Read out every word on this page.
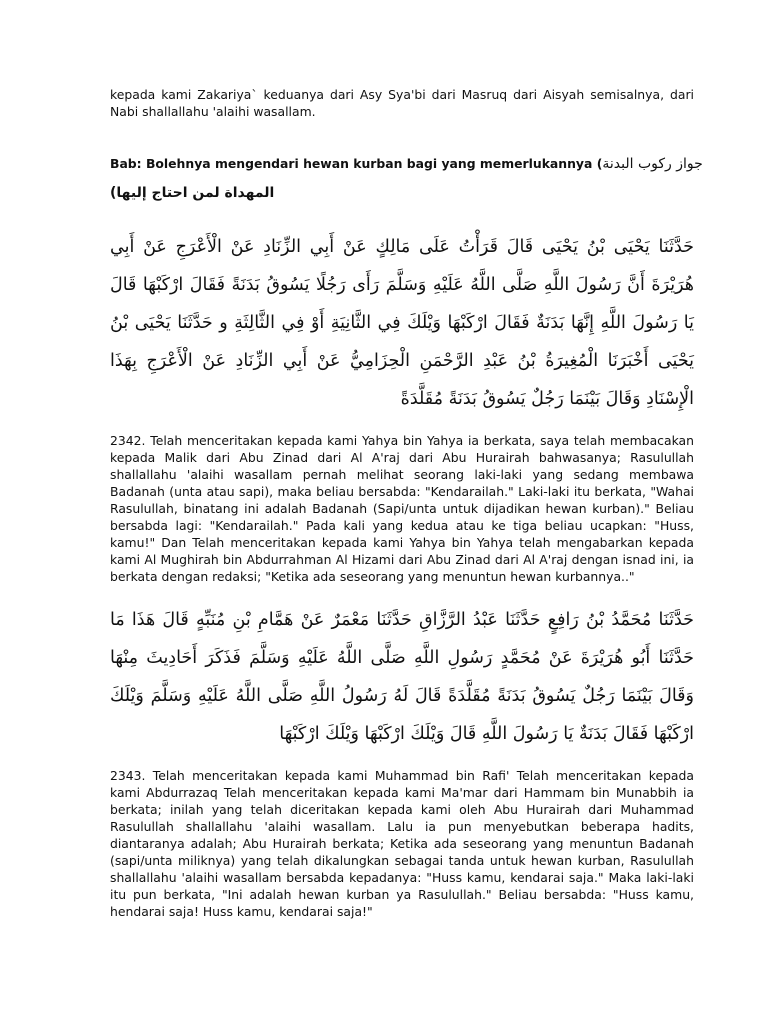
kepada kami Zakariya` keduanya dari Asy Sya'bi dari Masruq dari Aisyah semisalnya, dari Nabi shallallahu 'alaihi wasallam.

Bab: Bolehnya mengendari hewan kurban bagi yang memerlukannya (جواز ركوب البدنة

المهداة لمن احتاج إليها)

حَدَّثَنَا يَحْيَى بْنُ يَحْيَى قَالَ قَرَأْتُ عَلَى مَالِكٍ عَنْ أَبِي الزِّنَادِ عَنْ الْأَعْرَجِ عَنْ أَبِي هُرَيْرَةَ أَنَّ رَسُولَ اللَّهِ صَلَّى اللَّهُ عَلَيْهِ وَسَلَّمَ رَأَى رَجُلًا يَسُوقُ بَدَنَةً فَقَالَ ارْكَبْهَا قَالَ يَا رَسُولَ اللَّهِ إِنَّهَا بَدَنَةٌ فَقَالَ ارْكَبْهَا وَيْلَكَ فِي الثَّانِيَةِ أَوْ فِي الثَّالِثَةِ و حَدَّثَنَا يَحْيَى بْنُ يَحْيَى أَخْبَرَنَا الْمُغِيرَةُ بْنُ عَبْدِ الرَّحْمَنِ الْحِزَامِيُّ عَنْ أَبِي الزِّنَادِ عَنْ الْأَعْرَجِ بِهَذَا الْإِسْنَادِ وَقَالَ بَيْنَمَا رَجُلٌ يَسُوقُ بَدَنَةً مُقَلَّدَةً

2342. Telah menceritakan kepada kami Yahya bin Yahya ia berkata, saya telah membacakan kepada Malik dari Abu Zinad dari Al A'raj dari Abu Hurairah bahwasanya; Rasulullah shallallahu 'alaihi wasallam pernah melihat seorang laki-laki yang sedang membawa Badanah (unta atau sapi), maka beliau bersabda: "Kendarailah." Laki-laki itu berkata, "Wahai Rasulullah, binatang ini adalah Badanah (Sapi/unta untuk dijadikan hewan kurban)." Beliau bersabda lagi: "Kendarailah." Pada kali yang kedua atau ke tiga beliau ucapkan: "Huss, kamu!" Dan Telah menceritakan kepada kami Yahya bin Yahya telah mengabarkan kepada kami Al Mughirah bin Abdurrahman Al Hizami dari Abu Zinad dari Al A'raj dengan isnad ini, ia berkata dengan redaksi; "Ketika ada seseorang yang menuntun hewan kurbannya.."

حَدَّثَنَا مُحَمَّدُ بْنُ رَافِعٍ حَدَّثَنَا عَبْدُ الرَّزَّاقِ حَدَّثَنَا مَعْمَرٌ عَنْ هَمَّامِ بْنِ مُنَبِّهٍ قَالَ هَذَا مَا حَدَّثَنَا أَبُو هُرَيْرَةَ عَنْ مُحَمَّدٍ رَسُولِ اللَّهِ صَلَّى اللَّهُ عَلَيْهِ وَسَلَّمَ فَذَكَرَ أَحَادِيثَ مِنْهَا وَقَالَ بَيْنَمَا رَجُلٌ يَسُوقُ بَدَنَةً مُقَلَّدَةً قَالَ لَهُ رَسُولُ اللَّهِ صَلَّى اللَّهُ عَلَيْهِ وَسَلَّمَ وَيْلَكَ ارْكَبْهَا فَقَالَ بَدَنَةٌ يَا رَسُولَ اللَّهِ قَالَ وَيْلَكَ ارْكَبْهَا وَيْلَكَ ارْكَبْهَا

2343. Telah menceritakan kepada kami Muhammad bin Rafi' Telah menceritakan kepada kami Abdurrazaq Telah menceritakan kepada kami Ma'mar dari Hammam bin Munabbih ia berkata; inilah yang telah diceritakan kepada kami oleh Abu Hurairah dari Muhammad Rasulullah shallallahu 'alaihi wasallam. Lalu ia pun menyebutkan beberapa hadits, diantaranya adalah; Abu Hurairah berkata; Ketika ada seseorang yang menuntun Badanah (sapi/unta miliknya) yang telah dikalungkan sebagai tanda untuk hewan kurban, Rasulullah shallallahu 'alaihi wasallam bersabda kepadanya: "Huss kamu, kendarai saja." Maka laki-laki itu pun berkata, "Ini adalah hewan kurban ya Rasulullah." Beliau bersabda: "Huss kamu, hendarai saja! Huss kamu, kendarai saja!"
